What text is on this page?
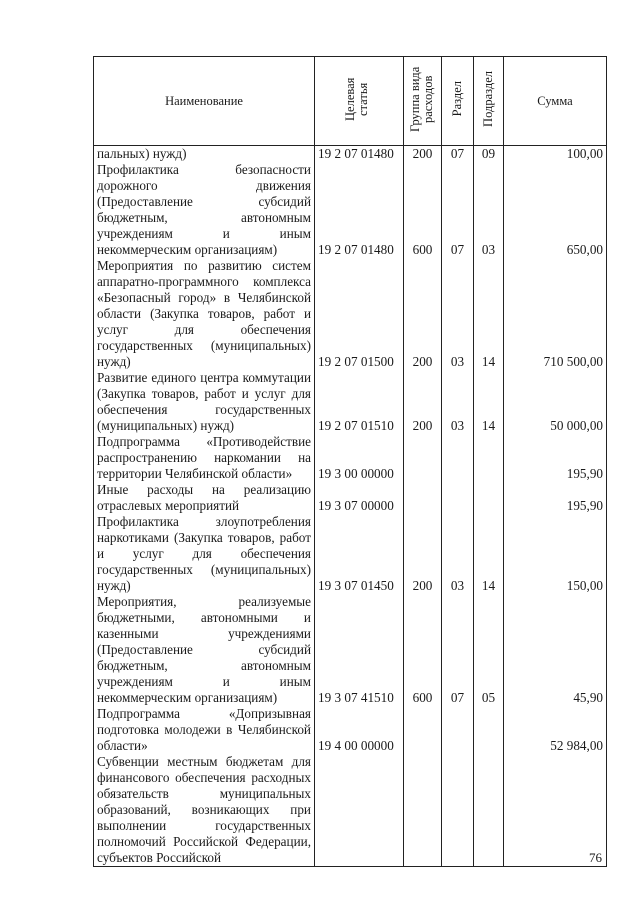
Наименование	Целевая статья	Группа вида расходов	Раздел	Подраздел	Сумма
пальных) нужд)	19 2 07 01480	200	07	09	100,00
Профилактика безопасности дорожного движения (Предоставление субсидий бюджетным, автономным учреждениям и иным некоммерческим организациям)	19 2 07 01480	600	07	03	650,00
Мероприятия по развитию систем аппаратно-программного комплекса «Безопасный город» в Челябинской области (Закупка товаров, работ и услуг для обеспечения государственных (муниципальных) нужд)	19 2 07 01500	200	03	14	710 500,00
Развитие единого центра коммутации (Закупка товаров, работ и услуг для обеспечения государственных (муниципальных) нужд)	19 2 07 01510	200	03	14	50 000,00
Подпрограмма «Противодействие распространению наркомании на территории Челябинской области»	19 3 00 00000				195,90
Иные расходы на реализацию отраслевых мероприятий	19 3 07 00000				195,90
Профилактика злоупотребления наркотиками (Закупка товаров, работ и услуг для обеспечения государственных (муниципальных) нужд)	19 3 07 01450	200	03	14	150,00
Мероприятия, реализуемые бюджетными, автономными и казенными учреждениями (Предоставление субсидий бюджетным, автономным учреждениям и иным некоммерческим организациям)	19 3 07 41510	600	07	05	45,90
Подпрограмма «Допризывная подготовка молодежи в Челябинской области»	19 4 00 00000				52 984,00
Субвенции местным бюджетам для финансового обеспечения расходных обязательств муниципальных образований, возникающих при выполнении государственных полномочий Российской Федерации, субъектов Российской						76
